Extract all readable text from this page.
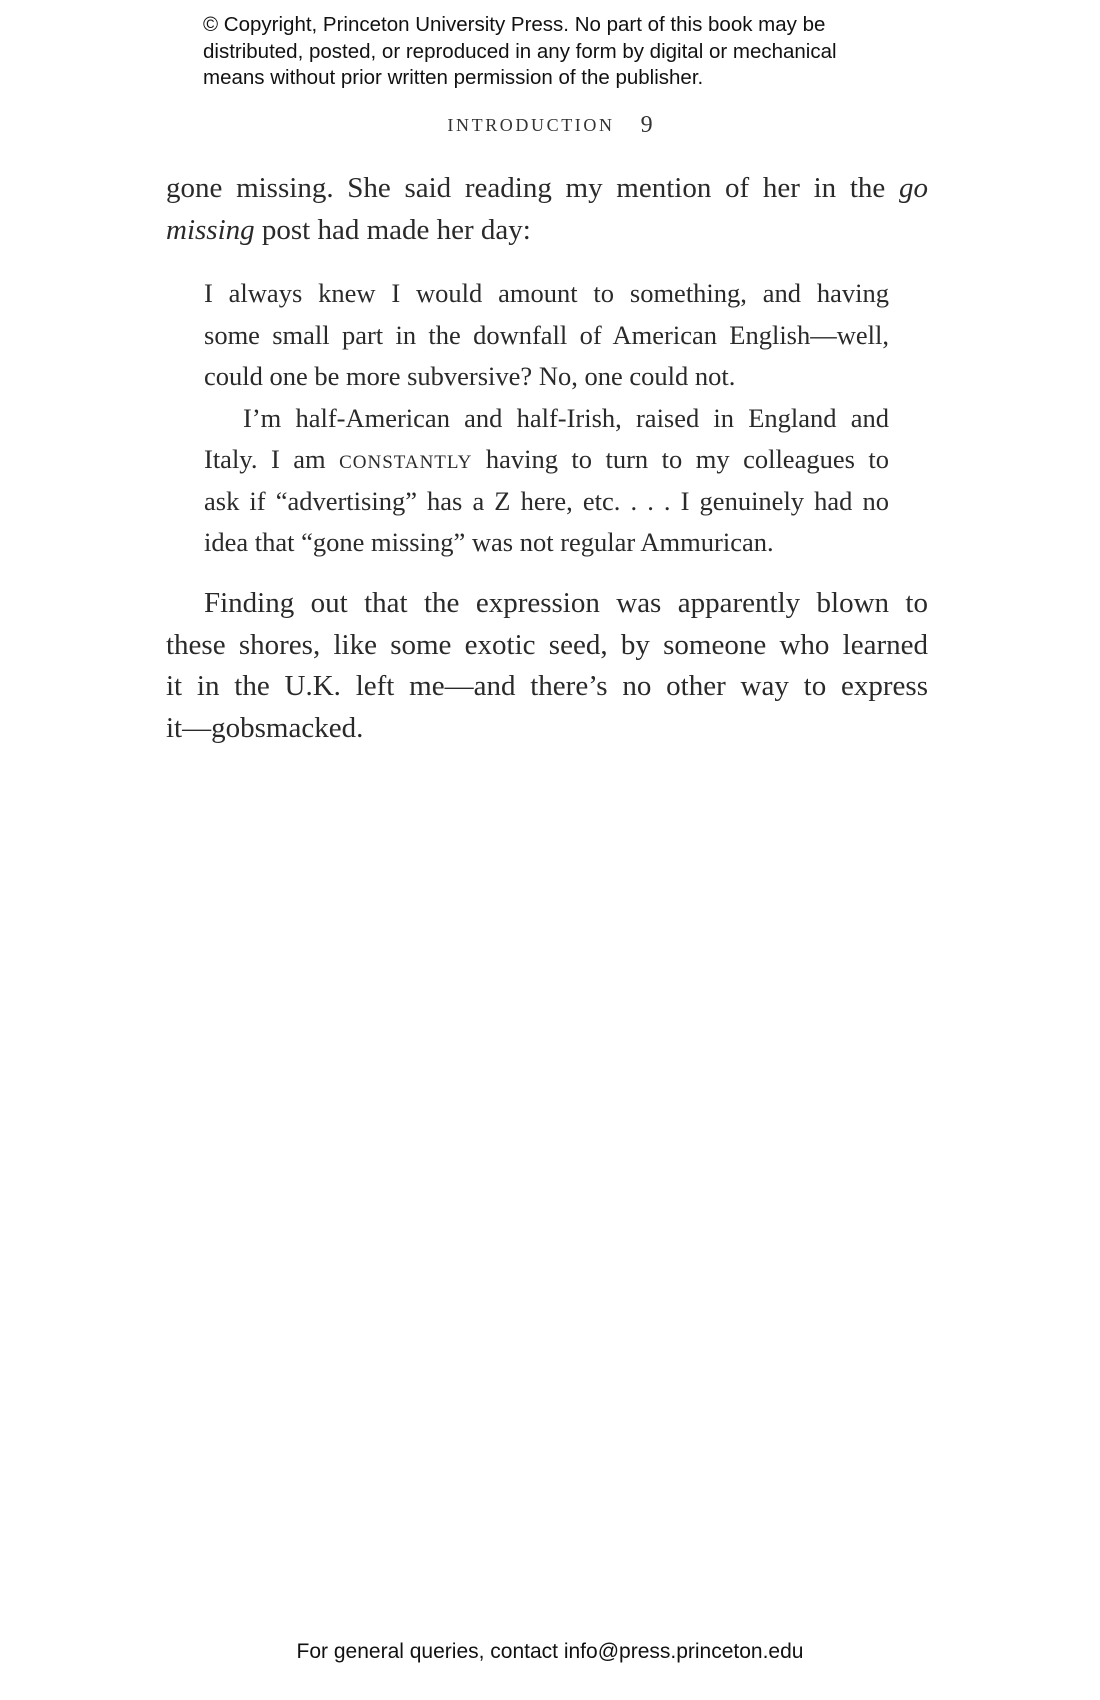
© Copyright, Princeton University Press. No part of this book may be
distributed, posted, or reproduced in any form by digital or mechanical
means without prior written permission of the publisher.
INTRODUCTION 9
gone missing. She said reading my mention of her in the go
missing post had made her day:
I always knew I would amount to something, and having
some small part in the downfall of American English—well,
could one be more subversive? No, one could not.
I’m half-American and half-Irish, raised in England and
Italy. I am constantly having to turn to my colleagues to
ask if “advertising” has a Z here, etc. . . . I genuinely had no
idea that “gone missing” was not regular Ammurican.
Finding out that the expression was apparently blown to
these shores, like some exotic seed, by someone who learned
it in the U.K. left me—and there’s no other way to express
it—gobsmacked.
For general queries, contact info@press.princeton.edu
